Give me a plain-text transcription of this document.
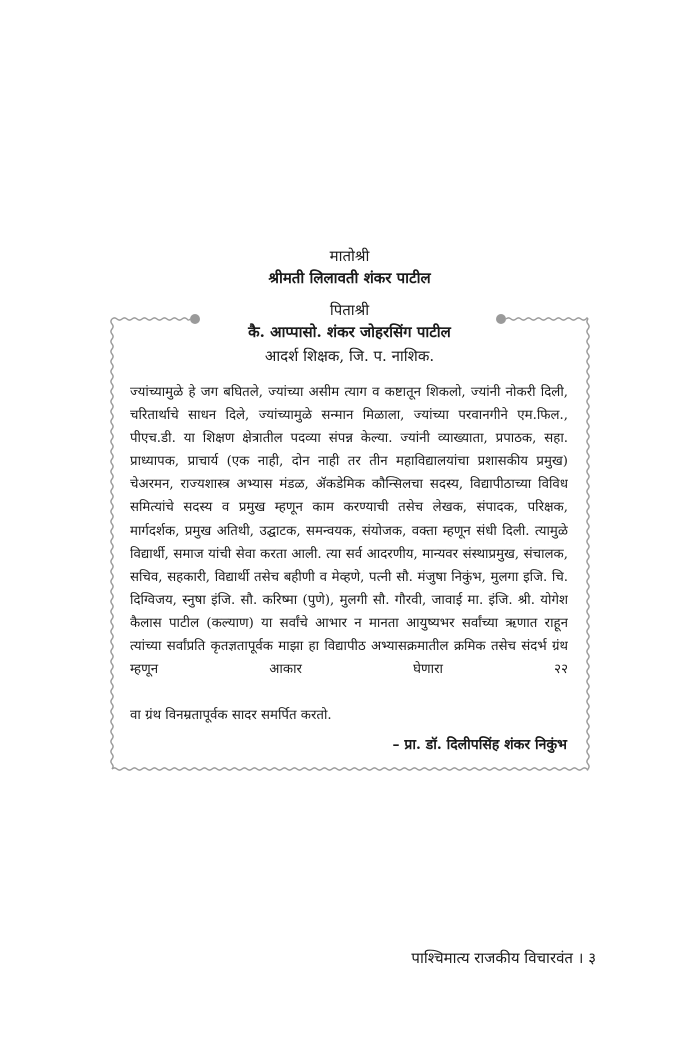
मातोश्री
श्रीमती लिलावती शंकर पाटील
पिताश्री
कै. आप्पासो. शंकर जोहरसिंग पाटील
आदर्श शिक्षक, जि. प. नाशिक.
ज्यांच्यामुळे हे जग बघितले, ज्यांच्या असीम त्याग व कष्टातून शिकलो, ज्यांनी नोकरी दिली, चरितार्थाचे साधन दिले, ज्यांच्यामुळे सन्मान मिळाला, ज्यांच्या परवानगीने एम.फिल., पीएच.डी. या शिक्षण क्षेत्रातील पदव्या संपन्न केल्या. ज्यांनी व्याख्याता, प्रपाठक, सहा. प्राध्यापक, प्राचार्य (एक नाही, दोन नाही तर तीन महाविद्यालयांचा प्रशासकीय प्रमुख) चेअरमन, राज्यशास्त्र अभ्यास मंडळ, ॲकडेमिक कौन्सिलचा सदस्य, विद्यापीठाच्या विविध समित्यांचे सदस्य व प्रमुख म्हणून काम करण्याची तसेच लेखक, संपादक, परिक्षक, मार्गदर्शक, प्रमुख अतिथी, उद्घाटक, समन्वयक, संयोजक, वक्ता म्हणून संधी दिली. त्यामुळे विद्यार्थी, समाज यांची सेवा करता आली. त्या सर्व आदरणीय, मान्यवर संस्थाप्रमुख, संचालक, सचिव, सहकारी, विद्यार्थी तसेच बहीणी व मेव्हणे, पत्नी सौ. मंजुषा निकुंभ, मुलगा इजि. चि. दिग्विजय, स्नुषा इंजि. सौ. करिष्मा (पुणे), मुलगी सौ. गौरवी, जावाई मा. इंजि. श्री. योगेश कैलास पाटील (कल्याण) या सर्वांचे आभार न मानता आयुष्यभर सर्वांच्या ऋणात राहून त्यांच्या सर्वांप्रति कृतज्ञतापूर्वक माझा हा विद्यापीठ अभ्यासक्रमातील क्रमिक तसेच संदर्भ ग्रंथ म्हणून आकार घेणारा २२
वा ग्रंथ विनम्रतापूर्वक सादर समर्पित करतो.
– प्रा. डॉ. दिलीपसिंह शंकर निकुंभ
पाश्चिमात्य राजकीय विचारवंत । ३
